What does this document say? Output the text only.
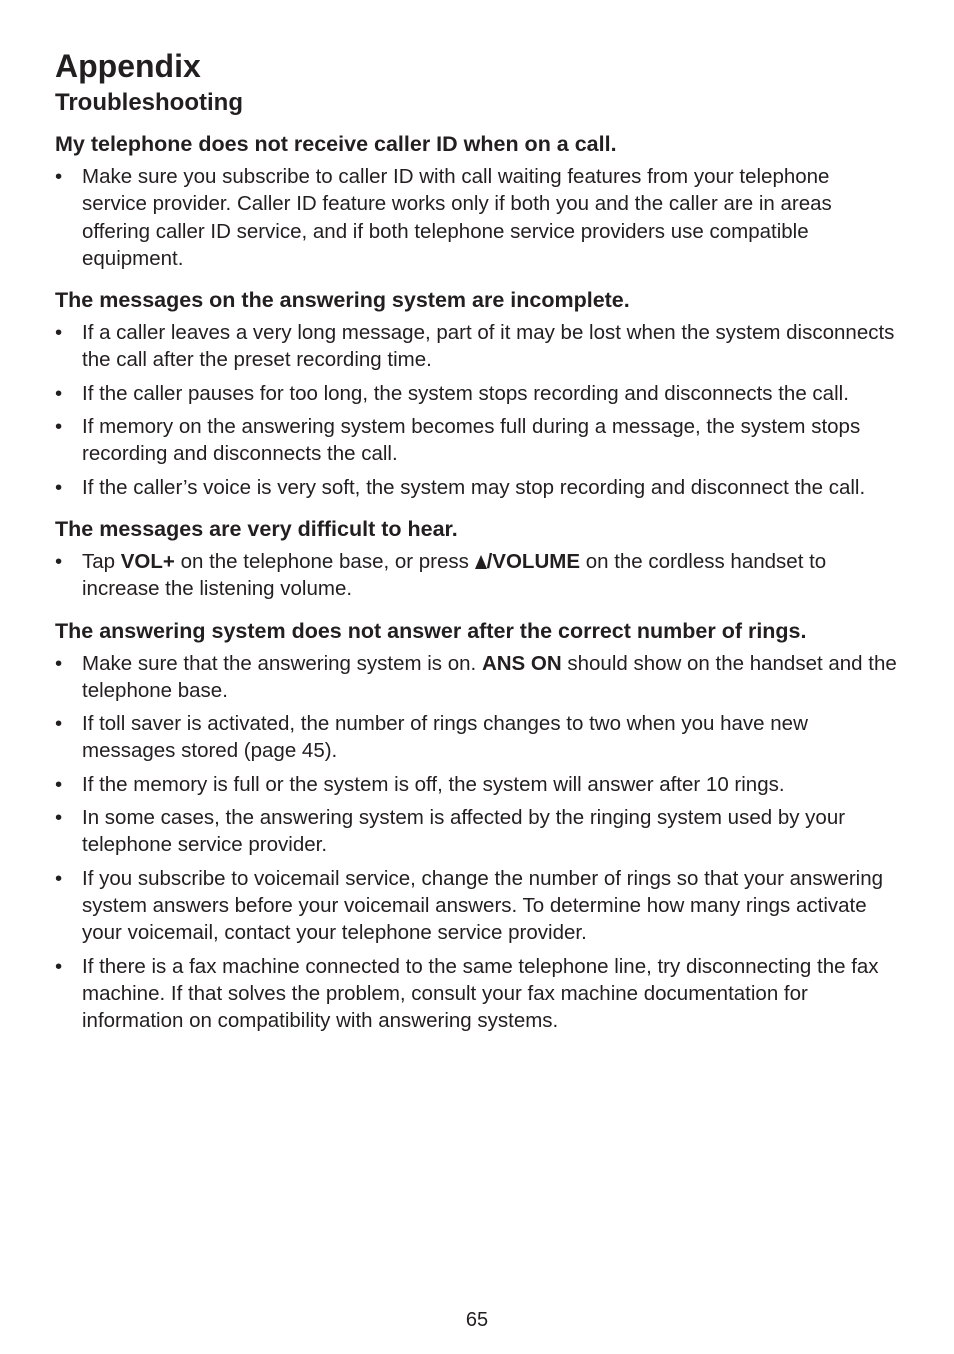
Appendix
Troubleshooting
My telephone does not receive caller ID when on a call.
• Make sure you subscribe to caller ID with call waiting features from your telephone service provider. Caller ID feature works only if both you and the caller are in areas offering caller ID service, and if both telephone service providers use compatible equipment.
The messages on the answering system are incomplete.
• If a caller leaves a very long message, part of it may be lost when the system disconnects the call after the preset recording time.
• If the caller pauses for too long, the system stops recording and disconnects the call.
• If memory on the answering system becomes full during a message, the system stops recording and disconnects the call.
• If the caller’s voice is very soft, the system may stop recording and disconnect the call.
The messages are very difficult to hear.
• Tap VOL+ on the telephone base, or press /VOLUME on the cordless handset to increase the listening volume.
The answering system does not answer after the correct number of rings.
• Make sure that the answering system is on. ANS ON should show on the handset and the telephone base.
• If toll saver is activated, the number of rings changes to two when you have new messages stored (page 45).
• If the memory is full or the system is off, the system will answer after 10 rings.
• In some cases, the answering system is affected by the ringing system used by your telephone service provider.
• If you subscribe to voicemail service, change the number of rings so that your answering system answers before your voicemail answers. To determine how many rings activate your voicemail, contact your telephone service provider.
• If there is a fax machine connected to the same telephone line, try disconnecting the fax machine. If that solves the problem, consult your fax machine documentation for information on compatibility with answering systems.
65
